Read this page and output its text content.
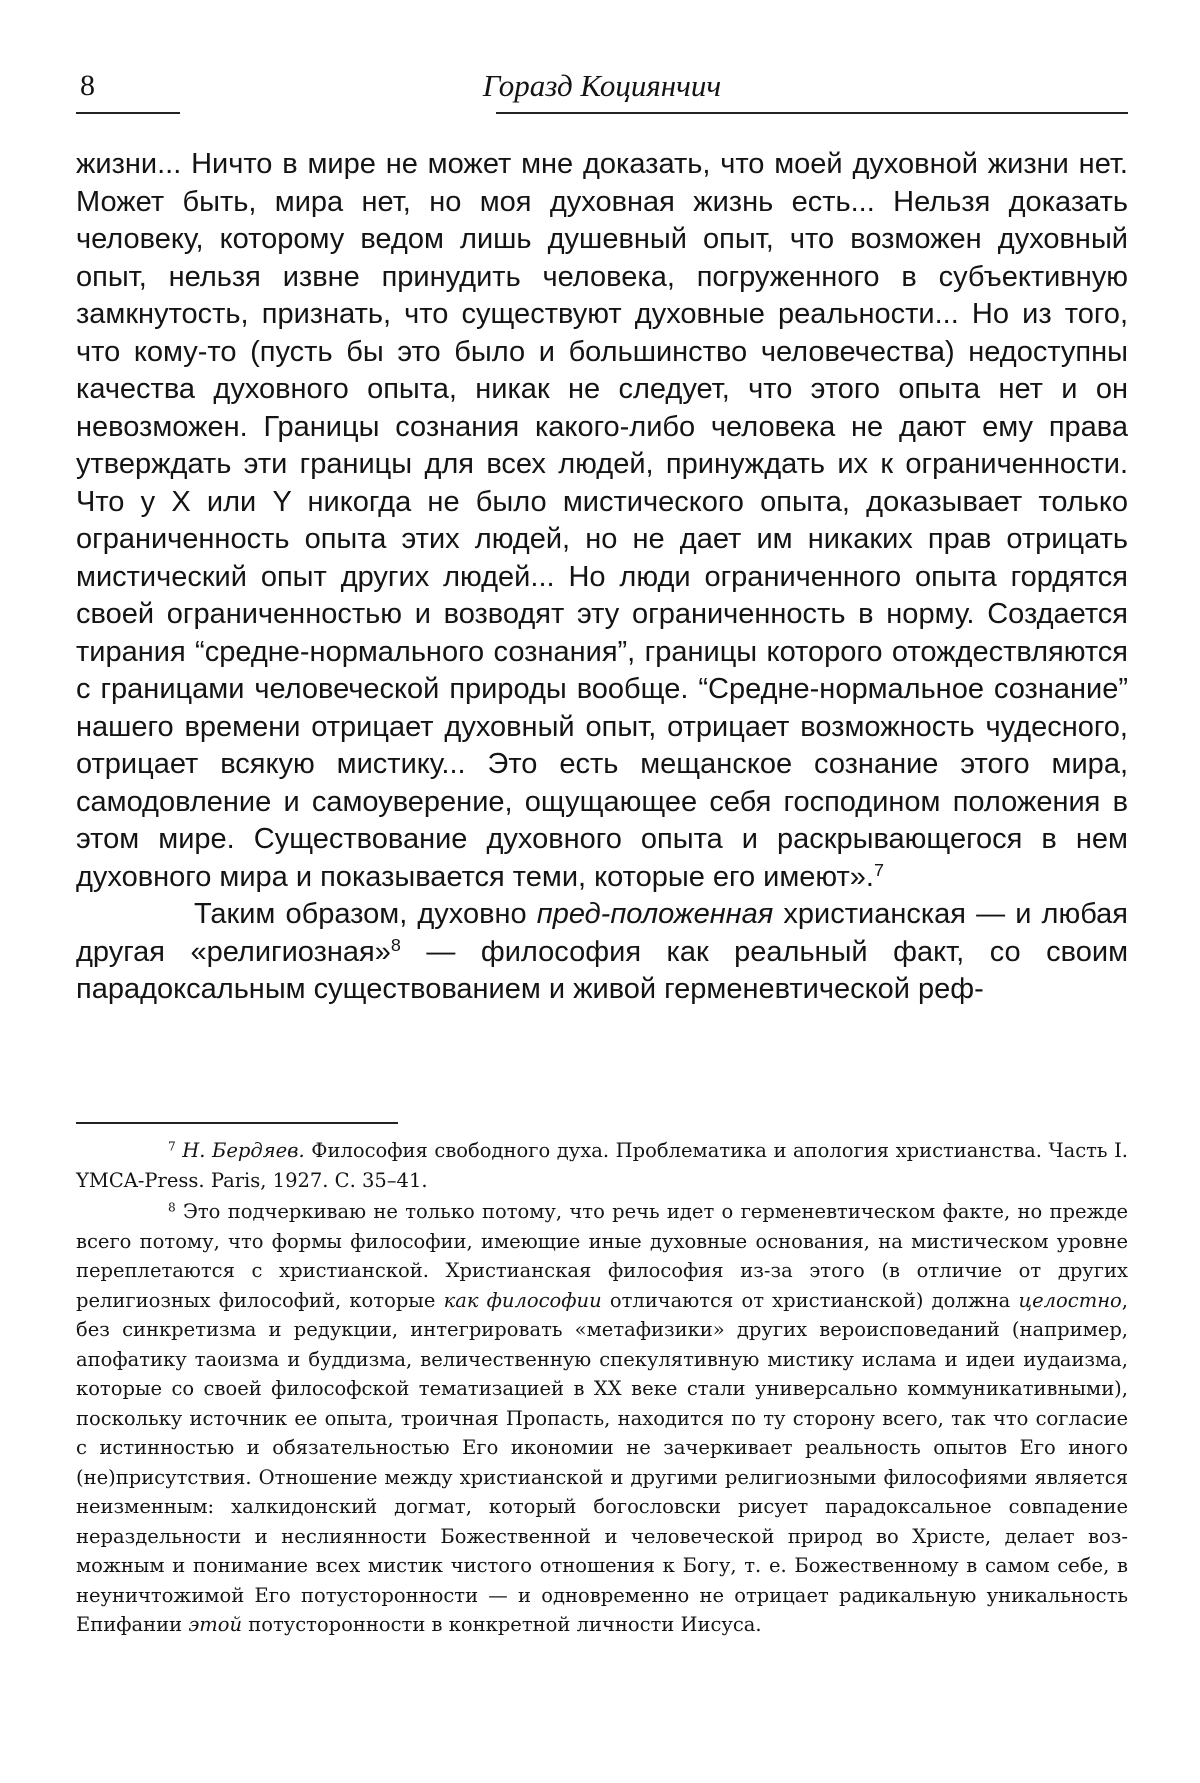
8	Горазд Коциянчич

жизни... Ничто в мире не может мне доказать, что моей духовной жизни нет. Может быть, мира нет, но моя духовная жизнь есть... Нельзя доказать человеку, которому ведом лишь душевный опыт, что возможен духовный опыт, нельзя извне принудить человека, погруженного в субъективную замкнутость, признать, что существуют духовные реальности... Но из того, что кому-то (пусть бы это было и большинство человечества) недоступны качества духовного опыта, никак не следует, что этого опыта нет и он невозможен. Границы сознания какого-либо человека не дают ему права утверждать эти границы для всех людей, принуждать их к ограниченности. Что у X или Y никогда не было мистического опыта, доказывает только ограниченность опыта этих людей, но не дает им никаких прав отрицать мистический опыт других людей... Но люди ограниченного опыта гордятся своей ограниченностью и возводят эту ограниченность в норму. Создается тирания “средне-нормального сознания”, границы которого отождествляются с границами человеческой природы вообще. “Средне-нормальное сознание” нашего времени отрицает духовный опыт, отрицает возможность чудесного, отрицает всякую мистику... Это есть мещанское сознание этого мира, самодовление и самоуверение, ощущающее себя господином положения в этом мире. Существование духовного опыта и раскрывающегося в нем духовного мира и показывается теми, которые его имеют».$^7$

Таким образом, духовно пред-положенная христианская — и любая другая «религиозная»$^8$ — философия как реальный факт, со своим парадоксальным существованием и живой герменевтической реф-

$^7$ Н. Бердяев. Философия свободного духа. Проблематика и апология христианства. Часть I. YMCA-Press. Paris, 1927. С. 35–41.

$^8$ Это подчеркиваю не только потому, что речь идет о герменевтическом факте, но прежде всего потому, что формы философии, имеющие иные духовные основания, на мистическом уровне переплетаются с христианской. Христианская философия из-за этого (в отличие от других религиозных философий, которые как философии отличаются от христианской) должна целостно, без синкретизма и редукции, интегрировать «метафизики» других вероисповеданий (например, апофатику таоизма и буддизма, величественную спекулятивную мистику ислама и идеи иудаизма, которые со своей философской тематизацией в XX веке стали универсально коммуникативными), поскольку источник ее опыта, троичная Пропасть, находится по ту сторону всего, так что согласие с истинностью и обязательностью Его икономии не зачеркивает реальность опытов Его иного (не)присутствия. Отношение между христианской и другими религиозными философиями является неизменным: халкидонский догмат, который богословски рисует парадоксальное совпадение нераздельности и неслиянности Божественной и человеческой природ во Христе, делает возможным и понимание всех мистик чистого отношения к Богу, т. е. Божественному в самом себе, в неуничтожимой Его потусторонности — и одновременно не отрицает радикальную уникальность Епифании этой потусторонности в конкретной личности Иисуса.
